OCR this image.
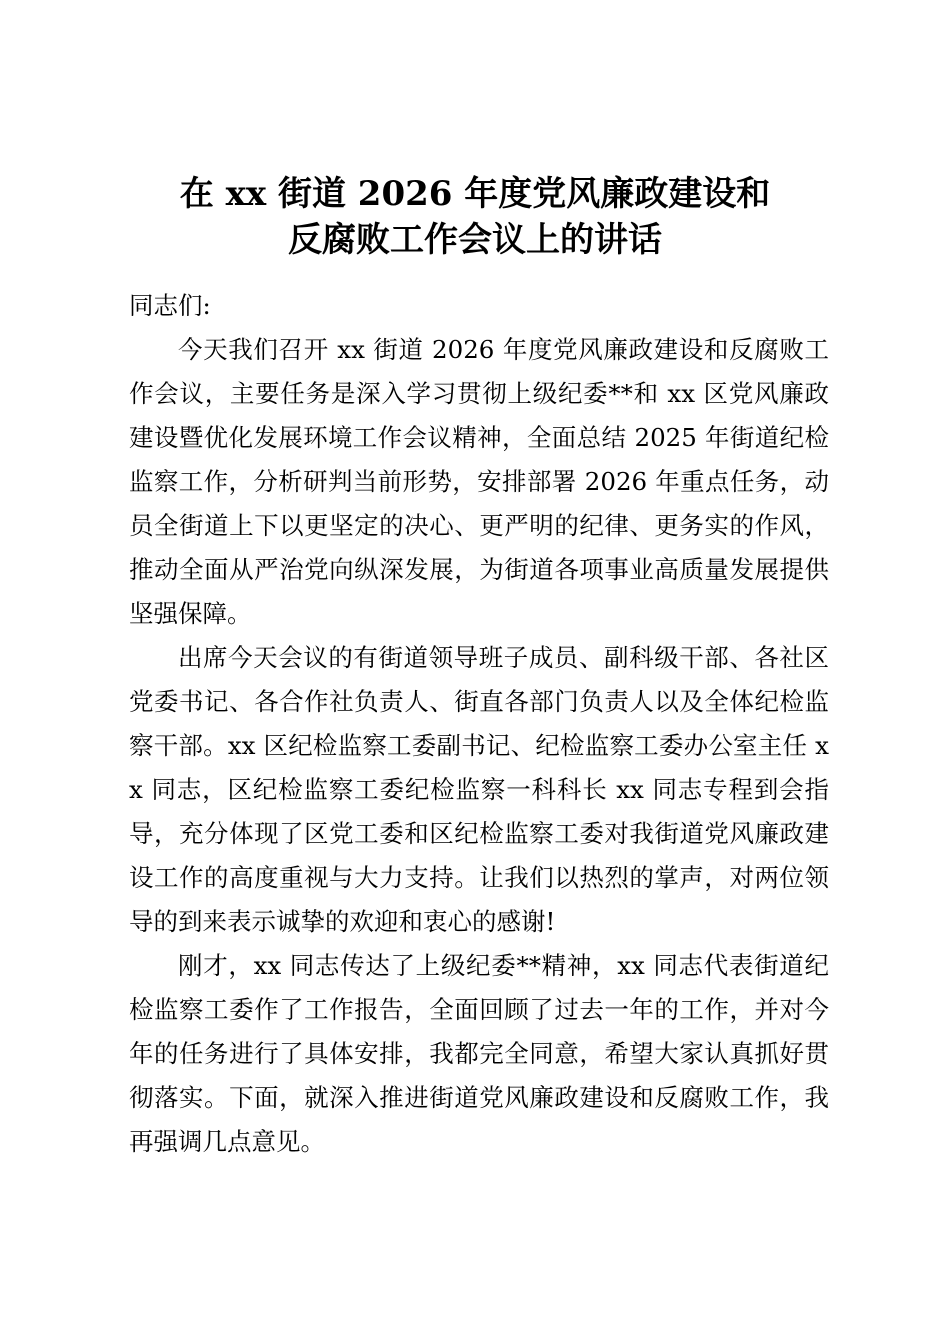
在 xx 街道 2026 年度党风廉政建设和
反腐败工作会议上的讲话

同志们:

今天我们召开 xx 街道 2026 年度党风廉政建设和反腐败工作会议，主要任务是深入学习贯彻上级纪委**和 xx 区党风廉政建设暨优化发展环境工作会议精神，全面总结 2025 年街道纪检监察工作，分析研判当前形势，安排部署 2026 年重点任务，动员全街道上下以更坚定的决心、更严明的纪律、更务实的作风，推动全面从严治党向纵深发展，为街道各项事业高质量发展提供坚强保障。

出席今天会议的有街道领导班子成员、副科级干部、各社区党委书记、各合作社负责人、街直各部门负责人以及全体纪检监察干部。xx 区纪检监察工委副书记、纪检监察工委办公室主任 xx 同志，区纪检监察工委纪检监察一科科长 xx 同志专程到会指导，充分体现了区党工委和区纪检监察工委对我街道党风廉政建设工作的高度重视与大力支持。让我们以热烈的掌声，对两位领导的到来表示诚挚的欢迎和衷心的感谢!

刚才，xx 同志传达了上级纪委**精神，xx 同志代表街道纪检监察工委作了工作报告，全面回顾了过去一年的工作，并对今年的任务进行了具体安排，我都完全同意，希望大家认真抓好贯彻落实。下面，就深入推进街道党风廉政建设和反腐败工作，我再强调几点意见。
